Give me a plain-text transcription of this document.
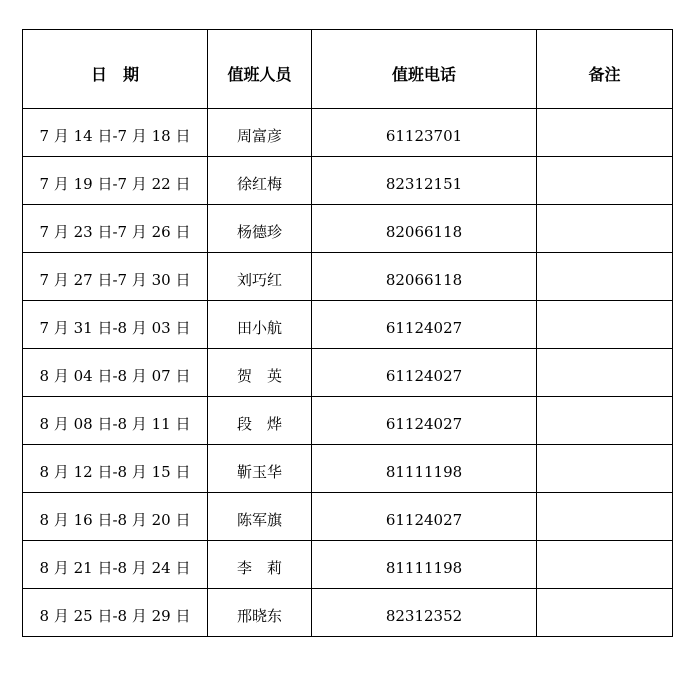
日　期	值班人员	值班电话	备注
7 月 14 日-7 月 18 日	周富彦	61123701	
7 月 19 日-7 月 22 日	徐红梅	82312151	
7 月 23 日-7 月 26 日	杨德珍	82066118	
7 月 27 日-7 月 30 日	刘巧红	82066118	
7 月 31 日-8 月 03 日	田小航	61124027	
8 月 04 日-8 月 07 日	贺　英	61124027	
8 月 08 日-8 月 11 日	段　烨	61124027	
8 月 12 日-8 月 15 日	靳玉华	81111198	
8 月 16 日-8 月 20 日	陈军旗	61124027	
8 月 21 日-8 月 24 日	李　莉	81111198	
8 月 25 日-8 月 29 日	邢晓东	82312352	
